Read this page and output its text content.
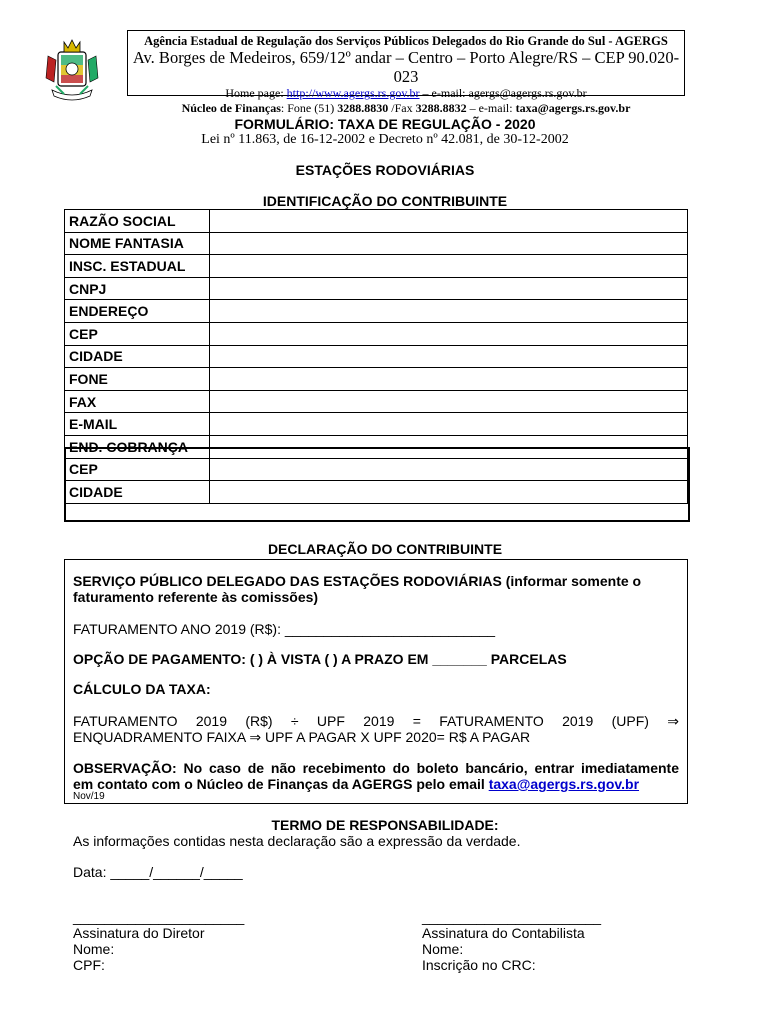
Agência Estadual de Regulação dos Serviços Públicos Delegados do Rio Grande do Sul - AGERGS
Av. Borges de Medeiros, 659/12º andar – Centro – Porto Alegre/RS – CEP 90.020-023
Home page: http://www.agergs.rs.gov.br – e-mail: agergs@agergs.rs.gov.br
Núcleo de Finanças: Fone (51) 3288.8830 /Fax 3288.8832 – e-mail: taxa@agergs.rs.gov.br
FORMULÁRIO: TAXA DE REGULAÇÃO - 2020
Lei nº 11.863, de 16-12-2002 e Decreto nº 42.081, de 30-12-2002
ESTAÇÕES RODOVIÁRIAS
IDENTIFICAÇÃO DO CONTRIBUINTE
RAZÃO SOCIAL	
NOME FANTASIA	
INSC. ESTADUAL	
CNPJ	
ENDEREÇO	
CEP	
CIDADE	
FONE	
FAX	
E-MAIL	
END. COBRANÇA	
CEP	
CIDADE	
DECLARAÇÃO DO CONTRIBUINTE
SERVIÇO PÚBLICO DELEGADO DAS ESTAÇÕES RODOVIÁRIAS (informar somente o
faturamento referente às comissões)
FATURAMENTO ANO 2019 (R$): ___________________________
OPÇÃO DE PAGAMENTO: ( ) À VISTA ( ) A PRAZO EM _______ PARCELAS
CÁLCULO DA TAXA:
FATURAMENTO 2019 (R$) ÷ UPF 2019 = FATURAMENTO 2019 (UPF) ⇒
ENQUADRAMENTO FAIXA ⇒ UPF A PAGAR X UPF 2020= R$ A PAGAR
OBSERVAÇÃO: No caso de não recebimento do boleto bancário, entrar imediatamente
em contato com o Núcleo de Finanças da AGERGS pelo email taxa@agergs.rs.gov.br
Nov/19
TERMO DE RESPONSABILIDADE:
As informações contidas nesta declaração são a expressão da verdade.
Data: _____/______/_____
______________________
Assinatura do Diretor
Nome:
CPF:
_______________________
Assinatura do Contabilista
Nome:
Inscrição no CRC:
